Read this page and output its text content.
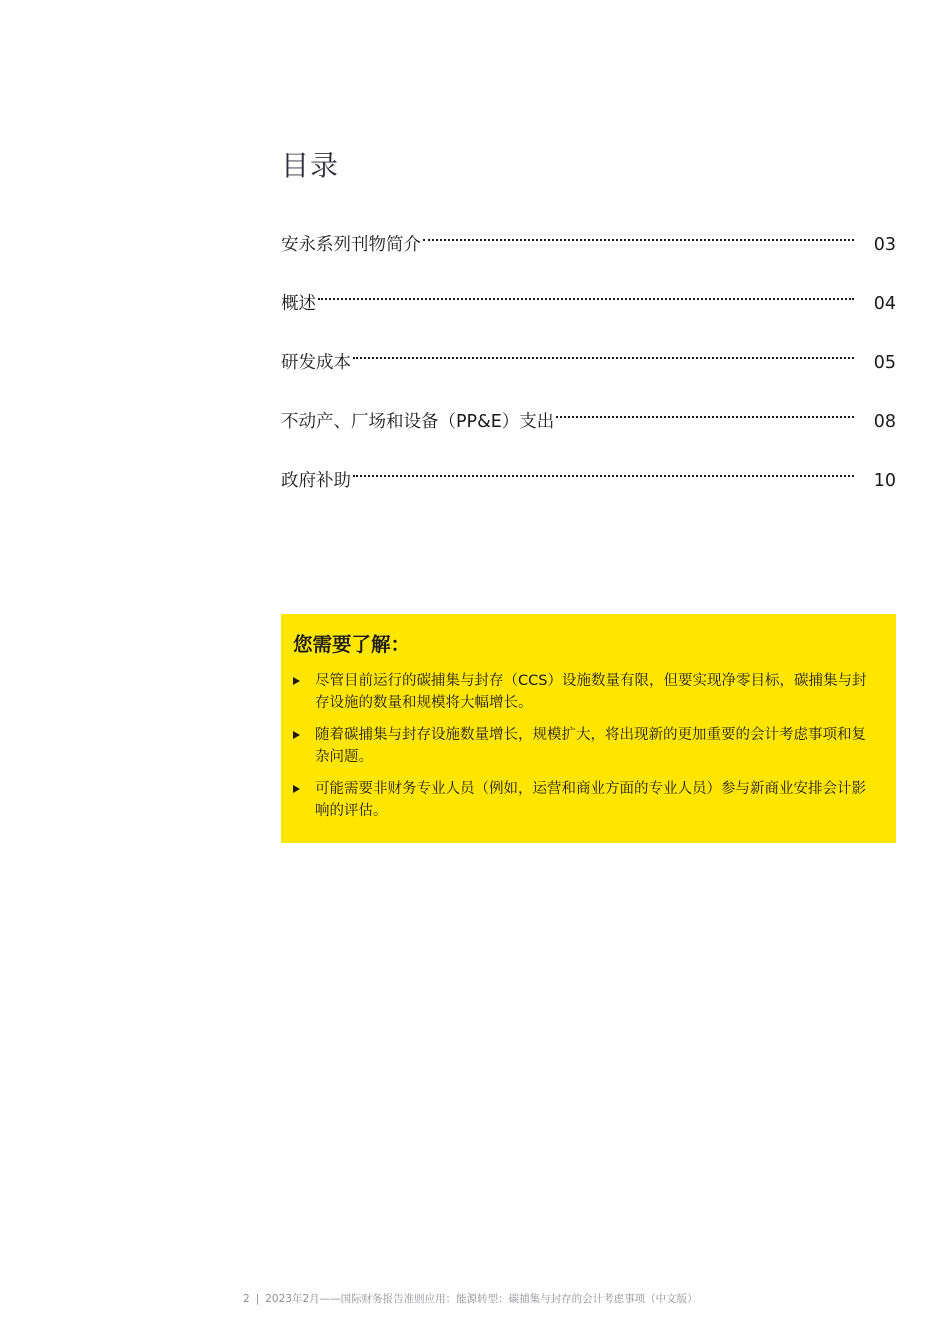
目录
安永系列刊物简介	03
概述	04
研发成本	05
不动产、厂场和设备（PP&E）支出	08
政府补助	10
您需要了解：
尽管目前运行的碳捕集与封存（CCS）设施数量有限，但要实现净零目标，碳捕集与封存设施的数量和规模将大幅增长。
随着碳捕集与封存设施数量增长，规模扩大，将出现新的更加重要的会计考虑事项和复杂问题。
可能需要非财务专业人员（例如，运营和商业方面的专业人员）参与新商业安排会计影响的评估。
2 | 2023年2月——国际财务报告准则应用：能源转型：碳捕集与封存的会计考虑事项（中文版）
